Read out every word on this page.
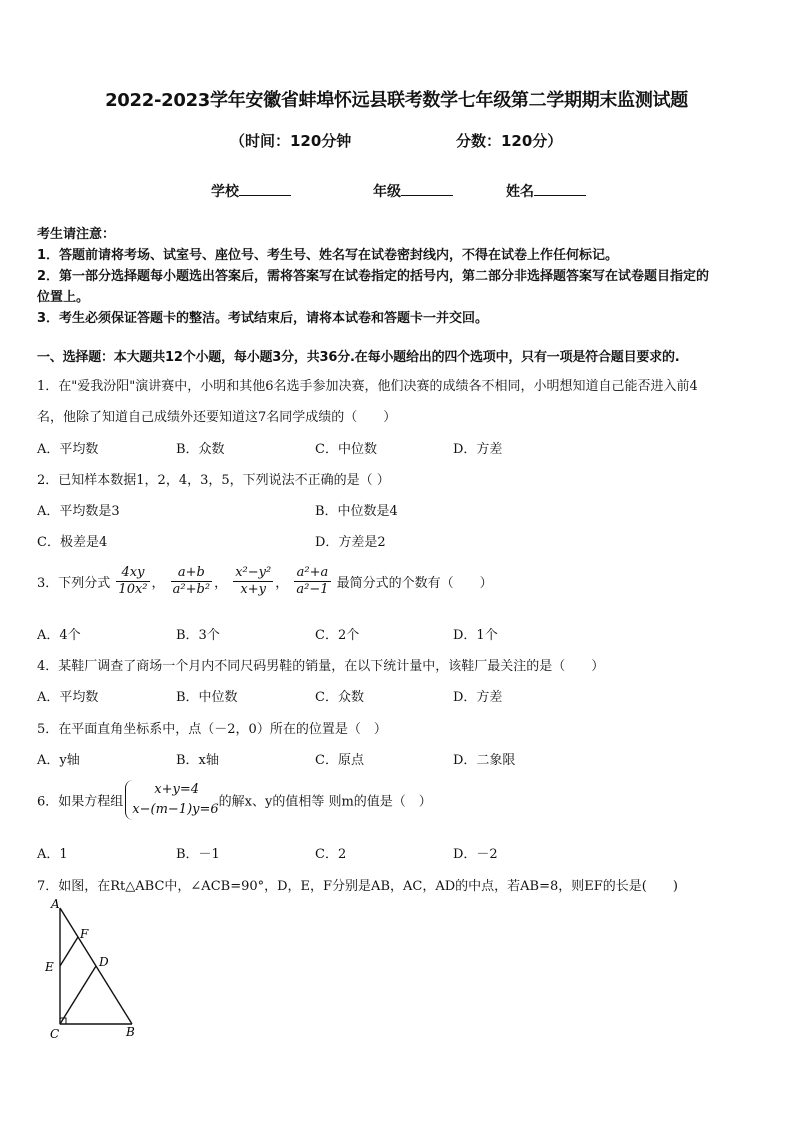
2022-2023学年安徽省蚌埠怀远县联考数学七年级第二学期期末监测试题
（时间：120分钟	分数：120分）
学校	年级	姓名
考生请注意：
1．答题前请将考场、试室号、座位号、考生号、姓名写在试卷密封线内，不得在试卷上作任何标记。
2．第一部分选择题每小题选出答案后，需将答案写在试卷指定的括号内，第二部分非选择题答案写在试卷题目指定的
位置上。
3．考生必须保证答题卡的整洁。考试结束后，请将本试卷和答题卡一并交回。
一、选择题：本大题共12个小题，每小题3分，共36分.在每小题给出的四个选项中，只有一项是符合题目要求的.
1．在"爱我汾阳"演讲赛中，小明和其他6名选手参加决赛，他们决赛的成绩各不相同，小明想知道自己能否进入前4
名，他除了知道自己成绩外还要知道这7名同学成绩的（　　）
A．平均数	B．众数	C．中位数	D．方差
2．已知样本数据1，2，4，3，5，下列说法不正确的是（ ）
A．平均数是3	B．中位数是4
C．极差是4	D．方差是2
3．下列分式 $\frac{4xy}{\text{10x²}}$ ， $\frac{a+b}{\text{a²+b²}}$ ， $\frac{\text{x²−y²}}{x+y}$ ， $\frac{\text{a²+a}}{\text{a²−1}}$ 最简分式的个数有（　　）
A．4个	B．3个	C．2个	D．1个
4．某鞋厂调查了商场一个月内不同尺码男鞋的销量，在以下统计量中，该鞋厂最关注的是（　　）
A．平均数	B．中位数	C．众数	D．方差
5．在平面直角坐标系中，点（－2，0）所在的位置是（　）
A．y轴	B．x轴	C．原点	D．二象限
6．如果方程组
x+y=4
x−(m−1)y=6 的解x、y的值相等 则m的值是（　）
A．1	B．－1	C．2	D．－2
7．如图，在Rt△ABC中，∠ACB=90°，D，E，F分别是AB，AC，AD的中点，若AB=8，则EF的长是(　　)
A
F
E	D
C	B
